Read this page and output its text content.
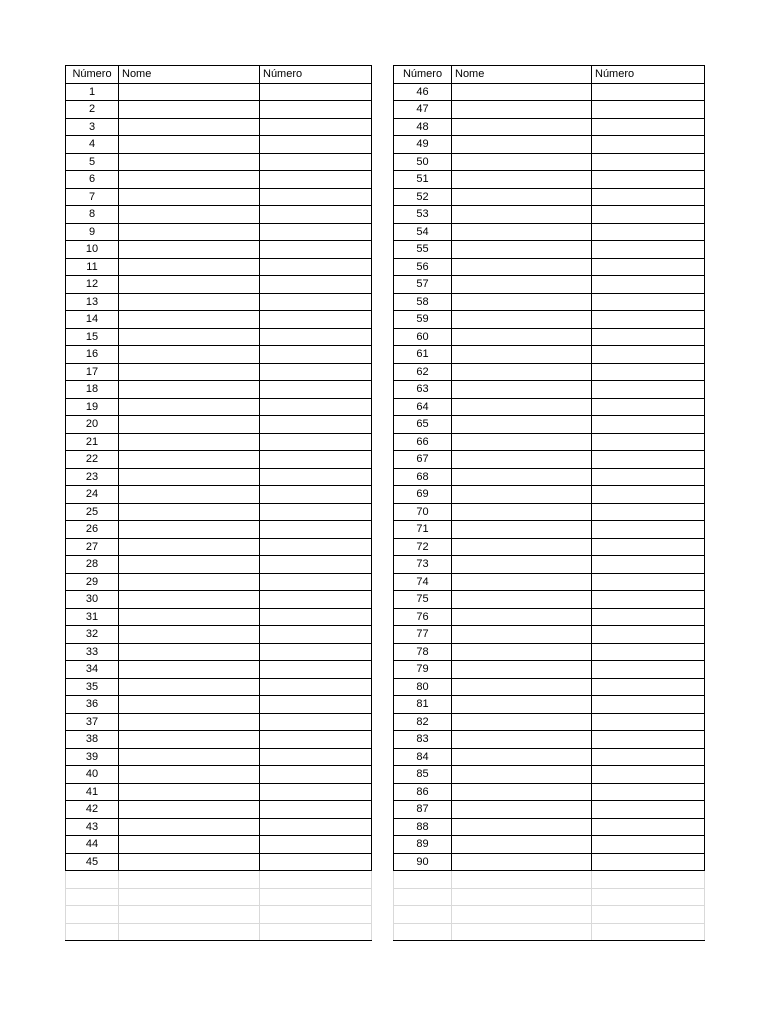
Número	Nome	Número
1		
2		
3		
4		
5		
6		
7		
8		
9		
10		
11		
12		
13		
14		
15		
16		
17		
18		
19		
20		
21		
22		
23		
24		
25		
26		
27		
28		
29		
30		
31		
32		
33		
34		
35		
36		
37		
38		
39		
40		
41		
42		
43		
44		
45		

Número	Nome	Número
46		
47		
48		
49		
50		
51		
52		
53		
54		
55		
56		
57		
58		
59		
60		
61		
62		
63		
64		
65		
66		
67		
68		
69		
70		
71		
72		
73		
74		
75		
76		
77		
78		
79		
80		
81		
82		
83		
84		
85		
86		
87		
88		
89		
90		
